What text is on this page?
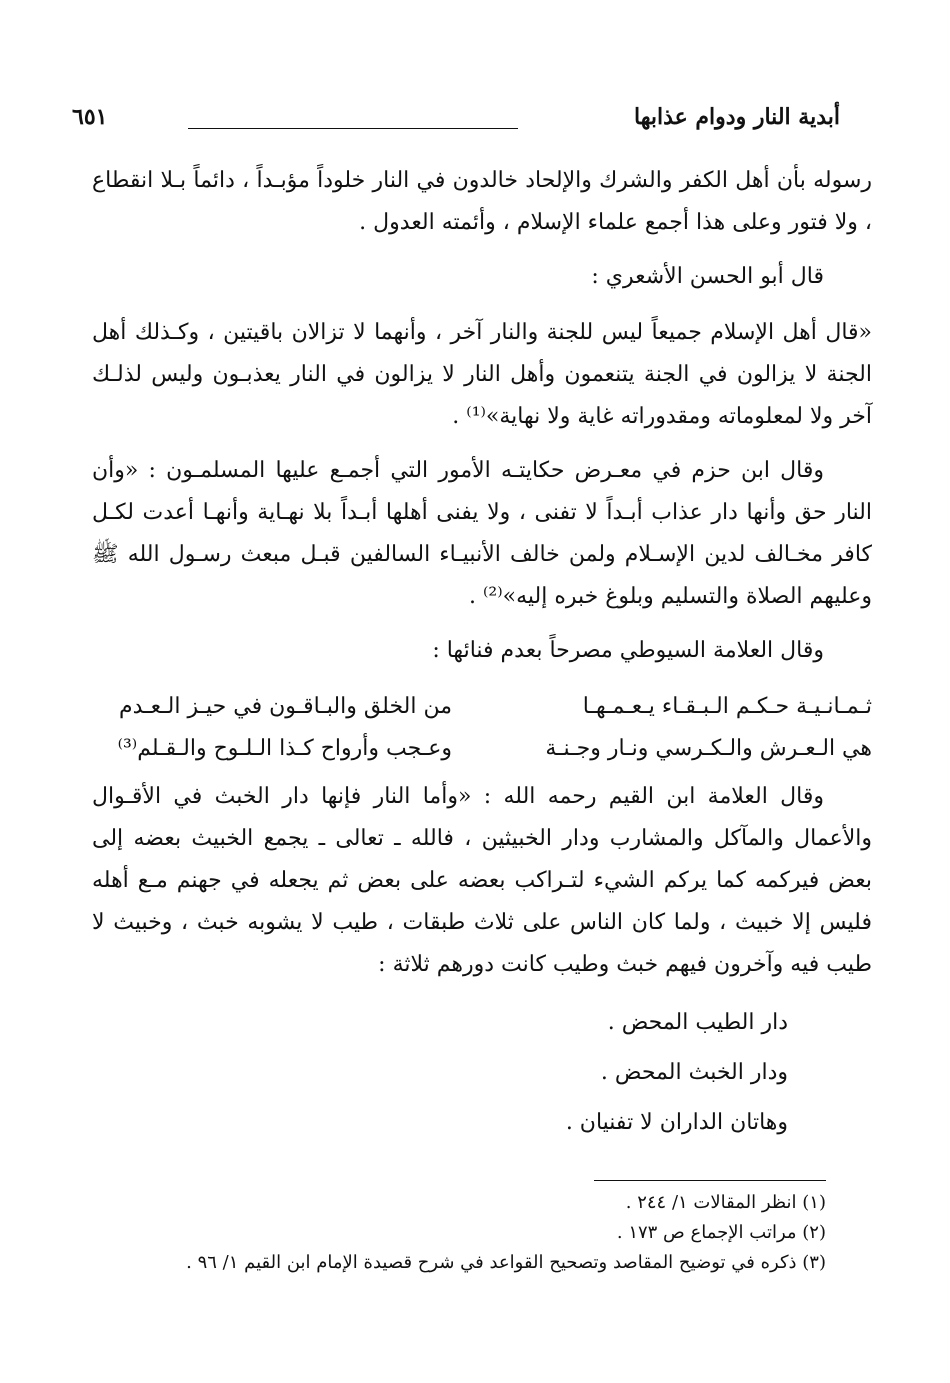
أبدية النار ودوام عذابها
٦٥١

رسوله بأن أهل الكفر والشرك والإلحاد خالدون في النار خلوداً مؤبـداً ، دائماً بـلا انقطاع ، ولا فتور وعلى هذا أجمع علماء الإسلام ، وأئمته العدول .

قال أبو الحسن الأشعري :

«قال أهل الإسلام جميعاً ليس للجنة والنار آخر ، وأنهما لا تزالان باقيتين ، وكـذلك أهل الجنة لا يزالون في الجنة يتنعمون وأهل النار لا يزالون في النار يعذبـون وليس لذلـك آخر ولا لمعلوماته ومقدوراته غاية ولا نهاية»⁽¹⁾ .

وقال ابن حزم في معـرض حكايتـه الأمور التي أجمـع عليها المسلمـون : «وأن النار حق وأنها دار عذاب أبـداً لا تفنى ، ولا يفنى أهلها أبـداً بلا نهـاية وأنهـا أعدت لكـل كافر مخـالف لدين الإسـلام ولمن خالف الأنبيـاء السالفين قبـل مبعث رسـول الله ﷺ وعليهم الصلاة والتسليم وبلوغ خبره إليه»⁽²⁾ .

وقال العلامة السيوطي مصرحاً بعدم فنائها :

ثـمـانـيـة حـكـم الـبـقـاء يـعـمـهـا
من الخلق والبـاقـون في حيـز الـعـدم
هي الـعـرش والـكـرسي ونـار وجـنـة
وعـجب وأرواح كـذا الـلـوح والـقـلم⁽³⁾

وقال العلامة ابن القيم رحمه الله : «وأما النار فإنها دار الخبث في الأقـوال والأعمال والمآكل والمشارب ودار الخبيثين ، فالله ـ تعالى ـ يجمع الخبيث بعضه إلى بعض فيركمه كما يركم الشيء لتـراكب بعضه على بعض ثم يجعله في جهنم مـع أهله فليس إلا خبيث ، ولما كان الناس على ثلاث طبقات ، طيب لا يشوبه خبث ، وخبيث لا طيب فيه وآخرون فيهم خبث وطيب كانت دورهم ثلاثة :

دار الطيب المحض .
ودار الخبث المحض .
وهاتان الداران لا تفنيان .
(١) انظر المقالات ١/ ٢٤٤ .
(٢) مراتب الإجماع ص ١٧٣ .
(٣) ذكره في توضيح المقاصد وتصحيح القواعد في شرح قصيدة الإمام ابن القيم ١/ ٩٦ .
